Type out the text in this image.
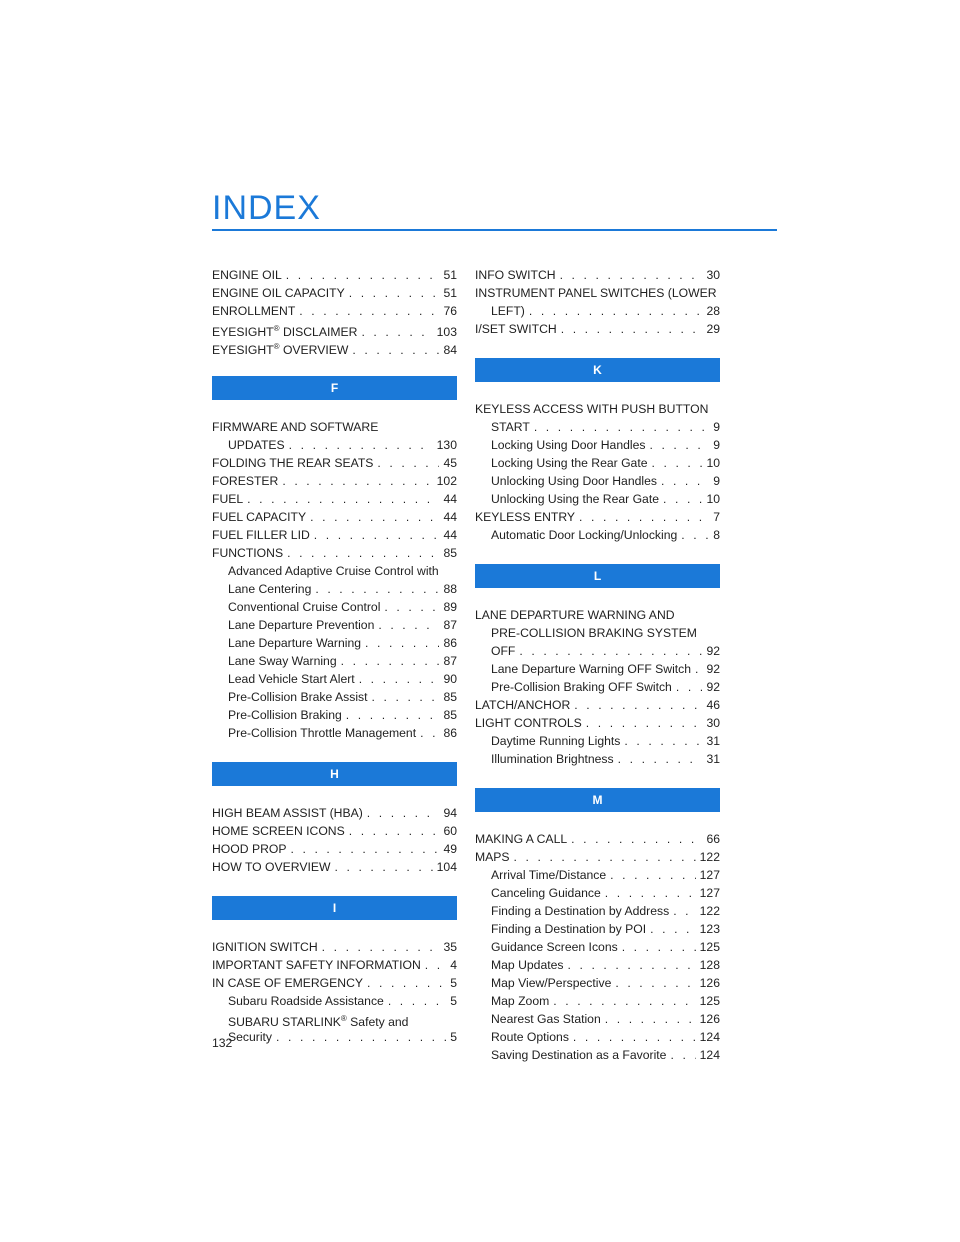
INDEX
ENGINE OIL . . .	51
ENGINE OIL CAPACITY . . .	51
ENROLLMENT . . .	76
EYESIGHT® DISCLAIMER . . .	103
EYESIGHT® OVERVIEW . . .	84
F
FIRMWARE AND SOFTWARE
UPDATES . . .	130
FOLDING THE REAR SEATS . . .	45
FORESTER . . .	102
FUEL . . .	44
FUEL CAPACITY . . .	44
FUEL FILLER LID . . .	44
FUNCTIONS . . .	85
Advanced Adaptive Cruise Control with
Lane Centering . . .	88
Conventional Cruise Control . . .	89
Lane Departure Prevention . . .	87
Lane Departure Warning . . .	86
Lane Sway Warning . . .	87
Lead Vehicle Start Alert . . .	90
Pre-Collision Brake Assist . . .	85
Pre-Collision Braking . . .	85
Pre-Collision Throttle Management . . .	86
H
HIGH BEAM ASSIST (HBA) . . .	94
HOME SCREEN ICONS . . .	60
HOOD PROP . . .	49
HOW TO OVERVIEW . . .	104
I
IGNITION SWITCH . . .	35
IMPORTANT SAFETY INFORMATION . . .	4
IN CASE OF EMERGENCY . . .	5
Subaru Roadside Assistance . . .	5
SUBARU STARLINK® Safety and
Security . . .	5
INFO SWITCH . . .	30
INSTRUMENT PANEL SWITCHES (LOWER
LEFT) . . .	28
I/SET SWITCH . . .	29
K
KEYLESS ACCESS WITH PUSH BUTTON
START . . .	9
Locking Using Door Handles . . .	9
Locking Using the Rear Gate . . .	10
Unlocking Using Door Handles . . .	9
Unlocking Using the Rear Gate . . .	10
KEYLESS ENTRY . . .	7
Automatic Door Locking/Unlocking . . .	8
L
LANE DEPARTURE WARNING AND
PRE-COLLISION BRAKING SYSTEM
OFF . . .	92
Lane Departure Warning OFF Switch . . .	92
Pre-Collision Braking OFF Switch . . .	92
LATCH/ANCHOR . . .	46
LIGHT CONTROLS . . .	30
Daytime Running Lights . . .	31
Illumination Brightness . . .	31
M
MAKING A CALL . . .	66
MAPS . . .	122
Arrival Time/Distance . . .	127
Canceling Guidance . . .	127
Finding a Destination by Address . . .	122
Finding a Destination by POI . . .	123
Guidance Screen Icons . . .	125
Map Updates . . .	128
Map View/Perspective . . .	126
Map Zoom . . .	125
Nearest Gas Station . . .	126
Route Options . . .	124
Saving Destination as a Favorite . . .	124
132
